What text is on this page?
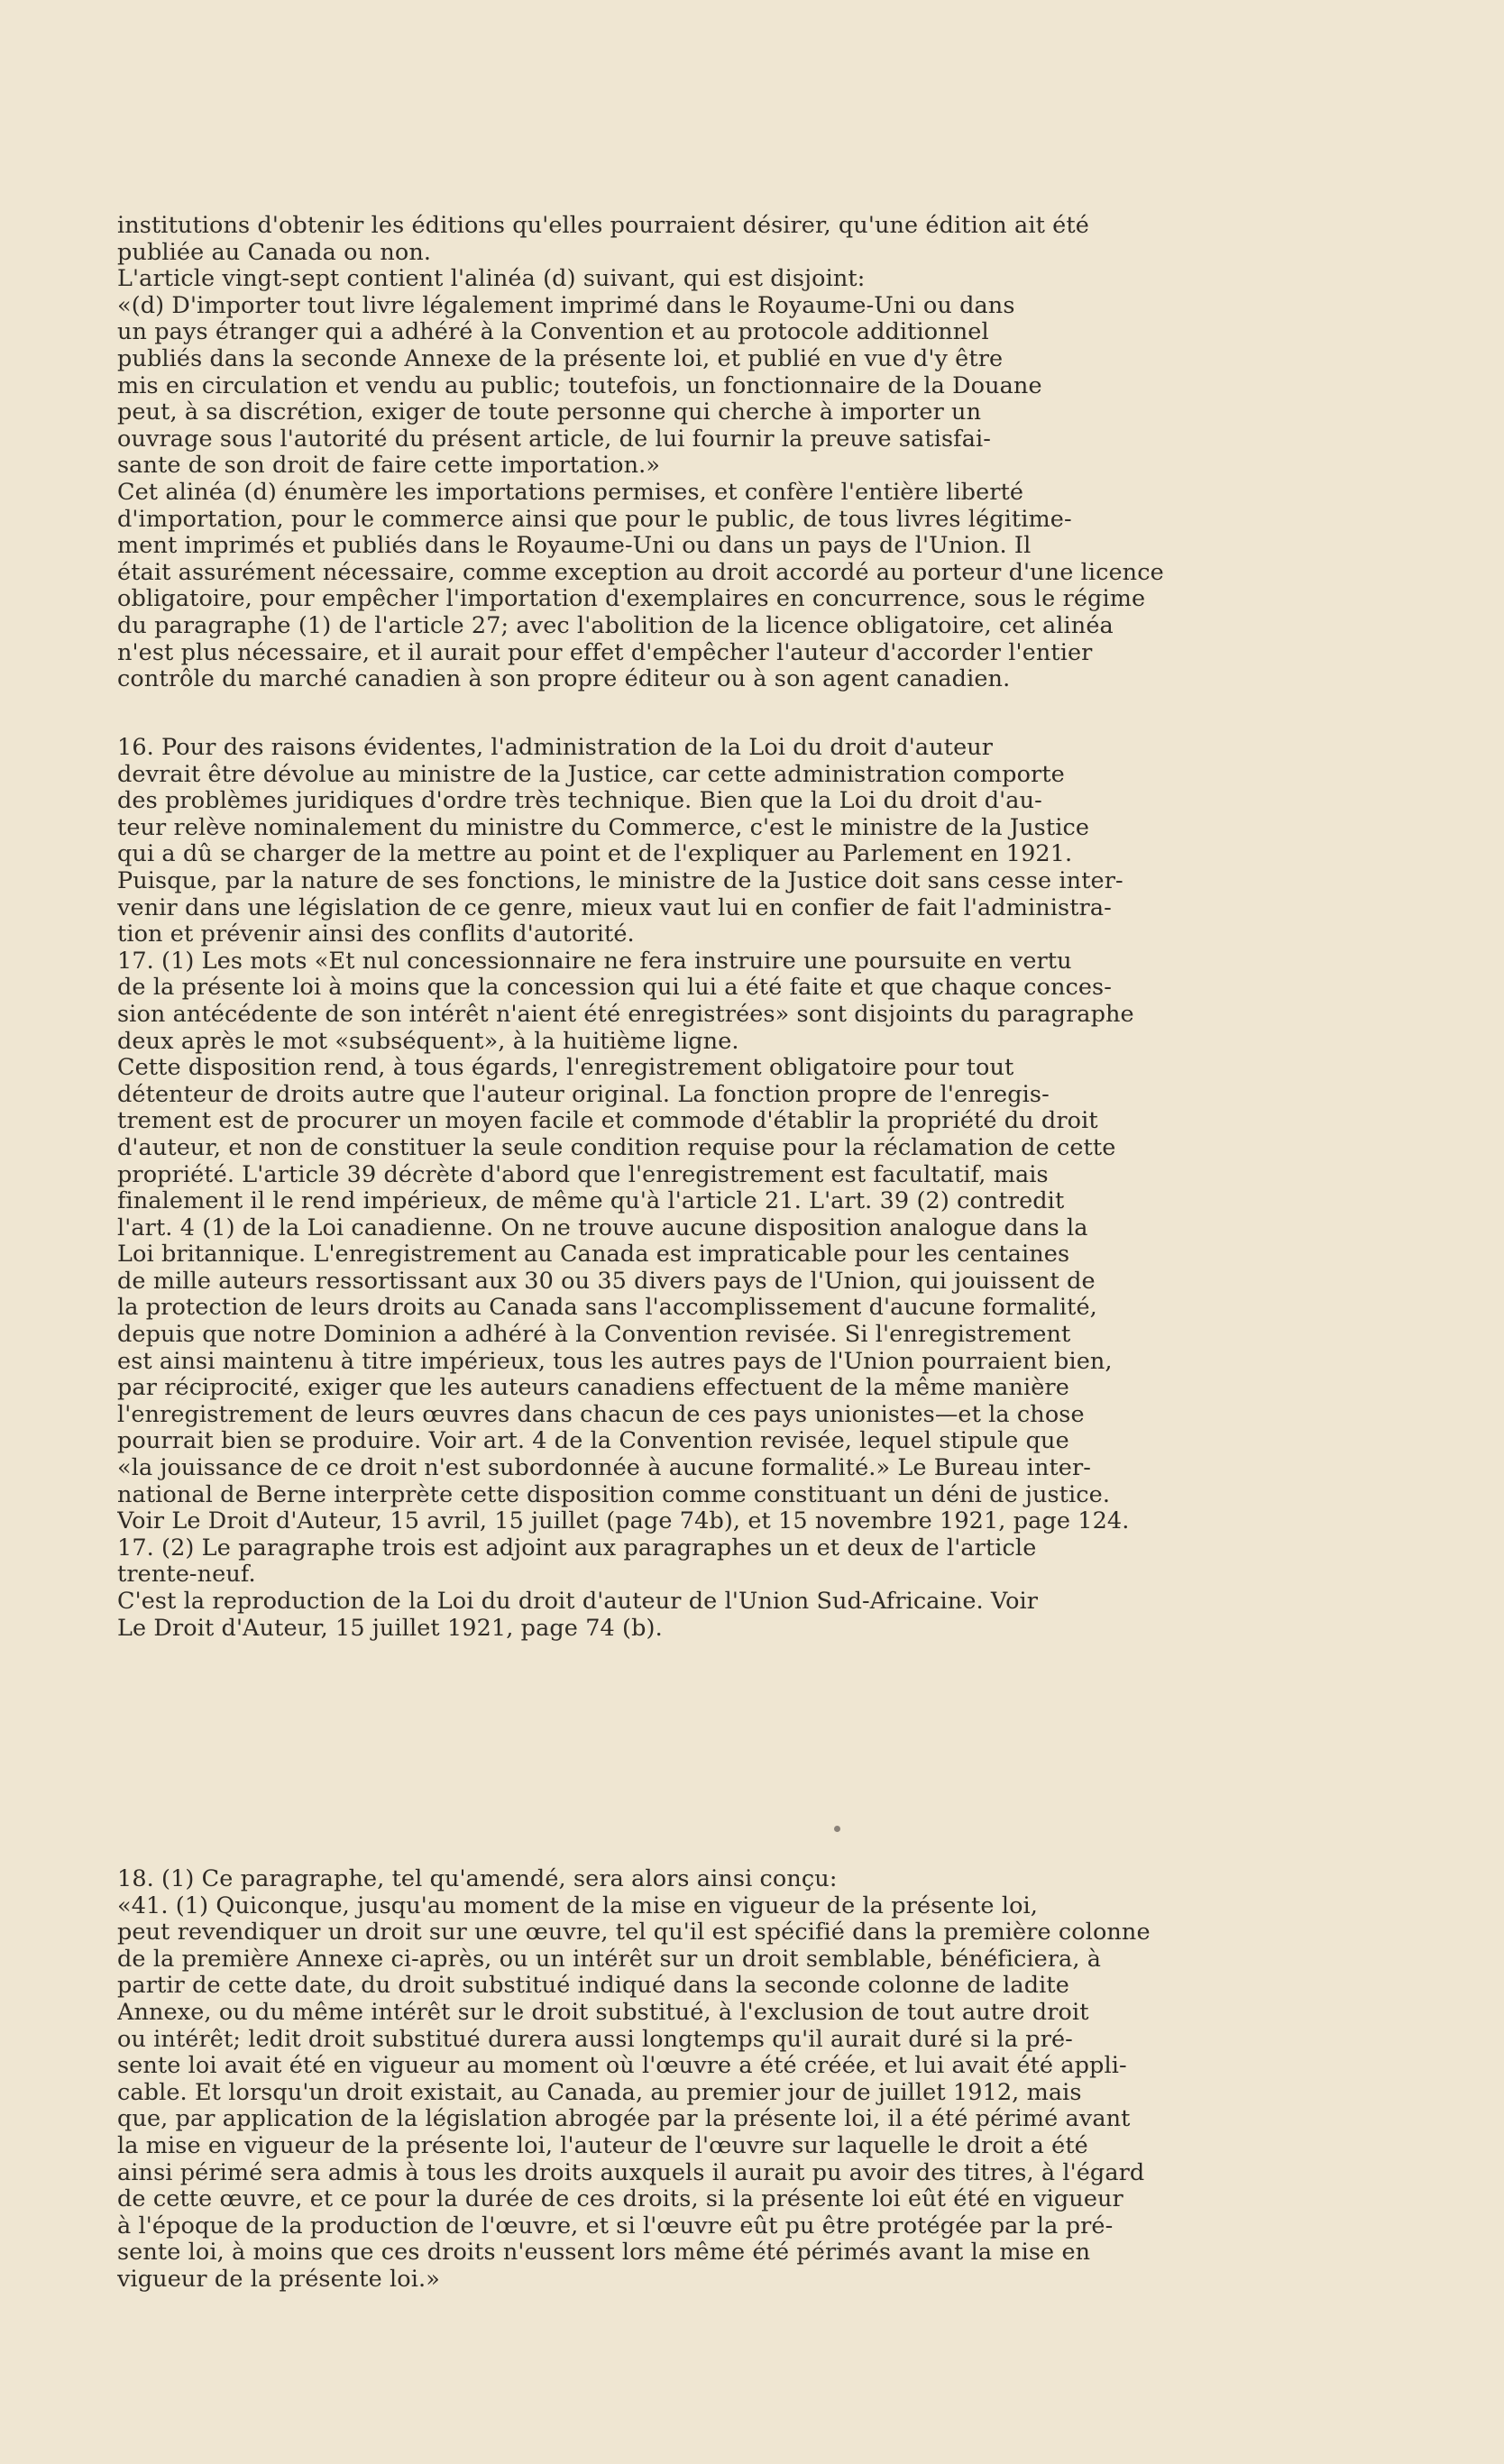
institutions d'obtenir les éditions qu'elles pourraient désirer, qu'une édition ait été
publiée au Canada ou non.
L'article vingt-sept contient l'alinéa (d) suivant, qui est disjoint:
«(d) D'importer tout livre légalement imprimé dans le Royaume-Uni ou dans
un pays étranger qui a adhéré à la Convention et au protocole additionnel
publiés dans la seconde Annexe de la présente loi, et publié en vue d'y être
mis en circulation et vendu au public; toutefois, un fonctionnaire de la Douane
peut, à sa discrétion, exiger de toute personne qui cherche à importer un
ouvrage sous l'autorité du présent article, de lui fournir la preuve satisfai-
sante de son droit de faire cette importation.»
Cet alinéa (d) énumère les importations permises, et confère l'entière liberté
d'importation, pour le commerce ainsi que pour le public, de tous livres légitime-
ment imprimés et publiés dans le Royaume-Uni ou dans un pays de l'Union. Il
était assurément nécessaire, comme exception au droit accordé au porteur d'une licence
obligatoire, pour empêcher l'importation d'exemplaires en concurrence, sous le régime
du paragraphe (1) de l'article 27; avec l'abolition de la licence obligatoire, cet alinéa
n'est plus nécessaire, et il aurait pour effet d'empêcher l'auteur d'accorder l'entier
contrôle du marché canadien à son propre éditeur ou à son agent canadien.
16. Pour des raisons évidentes, l'administration de la Loi du droit d'auteur
devrait être dévolue au ministre de la Justice, car cette administration comporte
des problèmes juridiques d'ordre très technique. Bien que la Loi du droit d'au-
teur relève nominalement du ministre du Commerce, c'est le ministre de la Justice
qui a dû se charger de la mettre au point et de l'expliquer au Parlement en 1921.
Puisque, par la nature de ses fonctions, le ministre de la Justice doit sans cesse inter-
venir dans une législation de ce genre, mieux vaut lui en confier de fait l'administra-
tion et prévenir ainsi des conflits d'autorité.
17. (1) Les mots «Et nul concessionnaire ne fera instruire une poursuite en vertu
de la présente loi à moins que la concession qui lui a été faite et que chaque conces-
sion antécédente de son intérêt n'aient été enregistrées» sont disjoints du paragraphe
deux après le mot «subséquent», à la huitième ligne.
Cette disposition rend, à tous égards, l'enregistrement obligatoire pour tout
détenteur de droits autre que l'auteur original. La fonction propre de l'enregis-
trement est de procurer un moyen facile et commode d'établir la propriété du droit
d'auteur, et non de constituer la seule condition requise pour la réclamation de cette
propriété. L'article 39 décrète d'abord que l'enregistrement est facultatif, mais
finalement il le rend impérieux, de même qu'à l'article 21. L'art. 39 (2) contredit
l'art. 4 (1) de la Loi canadienne. On ne trouve aucune disposition analogue dans la
Loi britannique. L'enregistrement au Canada est impraticable pour les centaines
de mille auteurs ressortissant aux 30 ou 35 divers pays de l'Union, qui jouissent de
la protection de leurs droits au Canada sans l'accomplissement d'aucune formalité,
depuis que notre Dominion a adhéré à la Convention revisée. Si l'enregistrement
est ainsi maintenu à titre impérieux, tous les autres pays de l'Union pourraient bien,
par réciprocité, exiger que les auteurs canadiens effectuent de la même manière
l'enregistrement de leurs œuvres dans chacun de ces pays unionistes—et la chose
pourrait bien se produire. Voir art. 4 de la Convention revisée, lequel stipule que
«la jouissance de ce droit n'est subordonnée à aucune formalité.» Le Bureau inter-
national de Berne interprète cette disposition comme constituant un déni de justice.
Voir Le Droit d'Auteur, 15 avril, 15 juillet (page 74b), et 15 novembre 1921, page 124.
17. (2) Le paragraphe trois est adjoint aux paragraphes un et deux de l'article
trente-neuf.
C'est la reproduction de la Loi du droit d'auteur de l'Union Sud-Africaine. Voir
Le Droit d'Auteur, 15 juillet 1921, page 74 (b).
18. (1) Ce paragraphe, tel qu'amendé, sera alors ainsi conçu:
«41. (1) Quiconque, jusqu'au moment de la mise en vigueur de la présente loi,
peut revendiquer un droit sur une œuvre, tel qu'il est spécifié dans la première colonne
de la première Annexe ci-après, ou un intérêt sur un droit semblable, bénéficiera, à
partir de cette date, du droit substitué indiqué dans la seconde colonne de ladite
Annexe, ou du même intérêt sur le droit substitué, à l'exclusion de tout autre droit
ou intérêt; ledit droit substitué durera aussi longtemps qu'il aurait duré si la pré-
sente loi avait été en vigueur au moment où l'œuvre a été créée, et lui avait été appli-
cable. Et lorsqu'un droit existait, au Canada, au premier jour de juillet 1912, mais
que, par application de la législation abrogée par la présente loi, il a été périmé avant
la mise en vigueur de la présente loi, l'auteur de l'œuvre sur laquelle le droit a été
ainsi périmé sera admis à tous les droits auxquels il aurait pu avoir des titres, à l'égard
de cette œuvre, et ce pour la durée de ces droits, si la présente loi eût été en vigueur
à l'époque de la production de l'œuvre, et si l'œuvre eût pu être protégée par la pré-
sente loi, à moins que ces droits n'eussent lors même été périmés avant la mise en
vigueur de la présente loi.»
